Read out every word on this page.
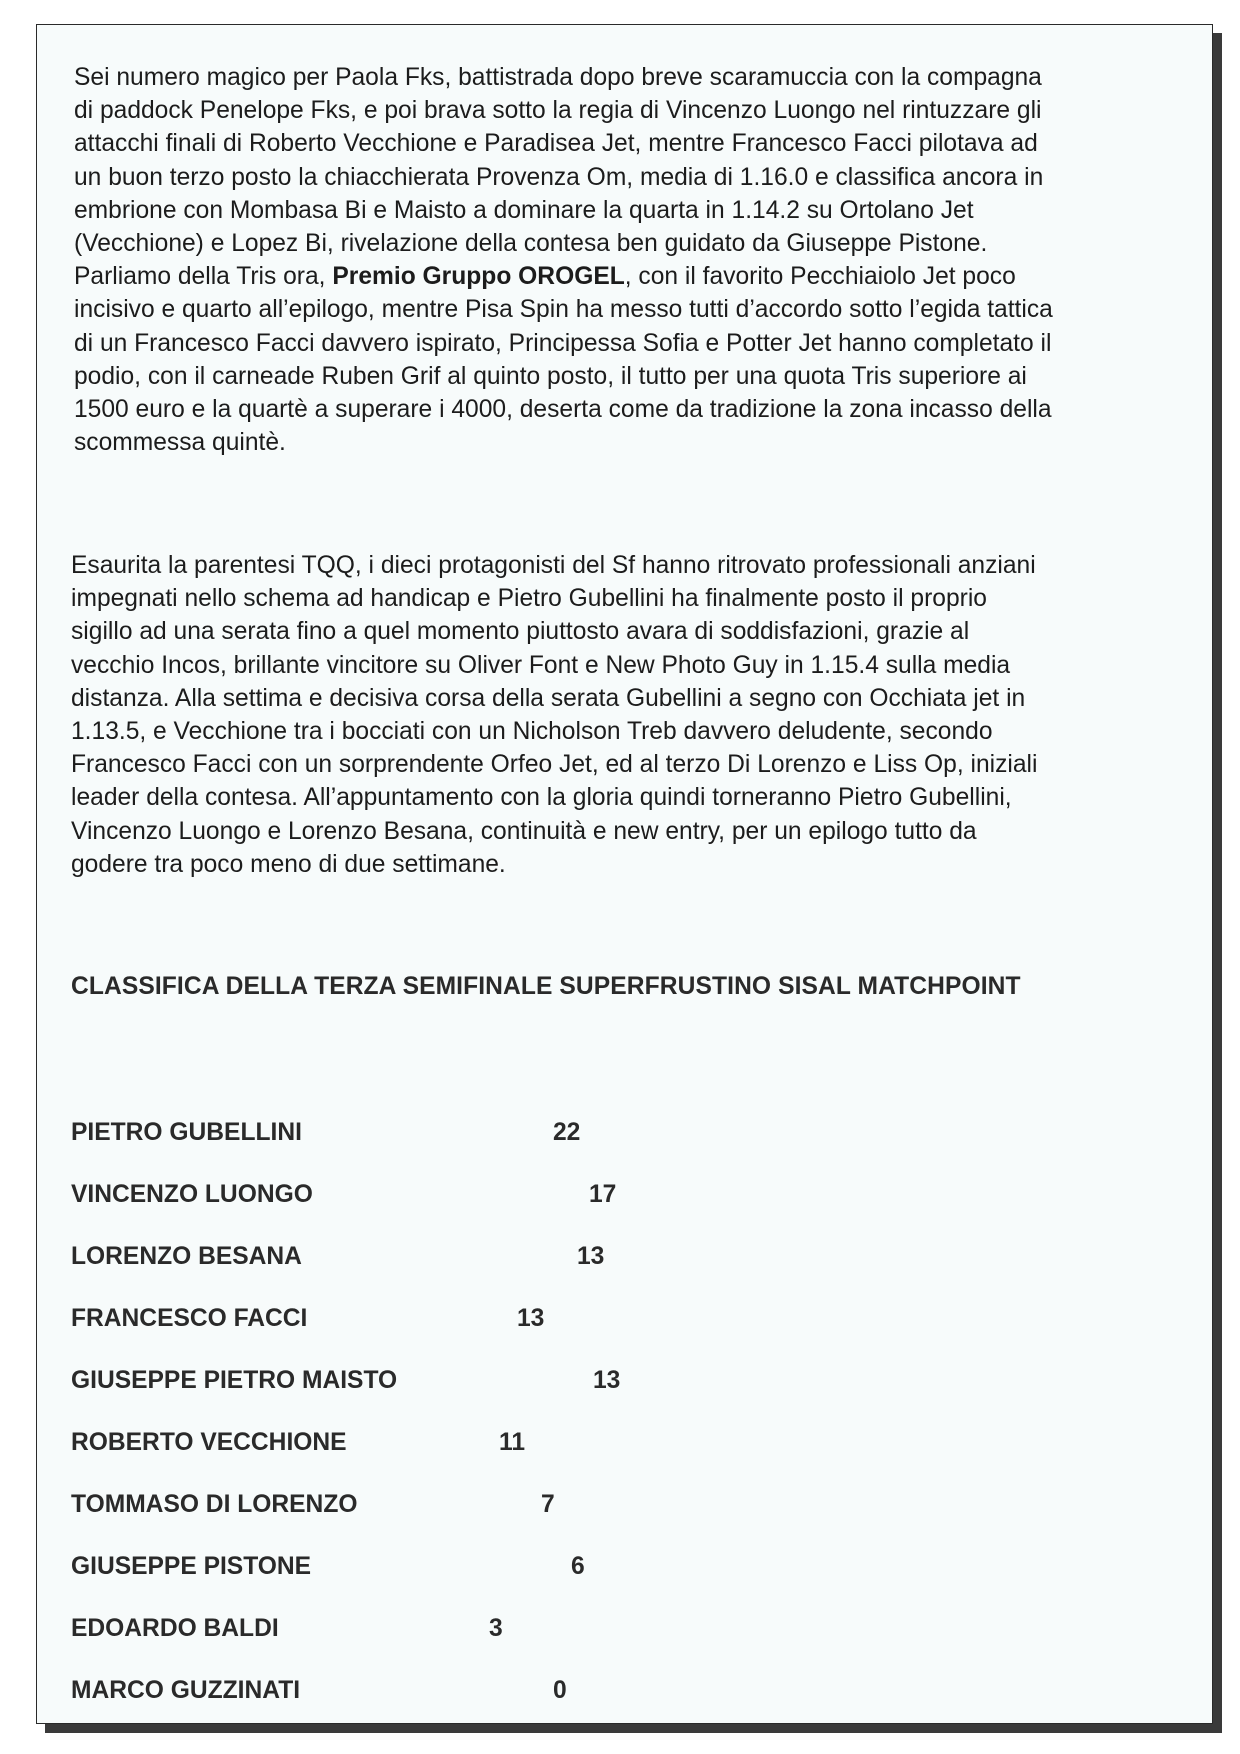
Sei numero magico per Paola Fks, battistrada dopo breve scaramuccia con la compagna
di paddock Penelope Fks, e poi brava sotto la regia di Vincenzo Luongo nel rintuzzare gli
attacchi finali di Roberto Vecchione e Paradisea Jet, mentre Francesco Facci pilotava ad
un buon terzo posto la chiacchierata Provenza Om, media di 1.16.0 e classifica ancora in
embrione con Mombasa Bi e Maisto a dominare la quarta in 1.14.2 su Ortolano Jet
(Vecchione) e Lopez Bi, rivelazione della contesa ben guidato da Giuseppe Pistone.
Parliamo della Tris ora, Premio Gruppo OROGEL, con il favorito Pecchiaiolo Jet poco
incisivo e quarto all’epilogo, mentre Pisa Spin ha messo tutti d’accordo sotto l’egida tattica
di un Francesco Facci davvero ispirato, Principessa Sofia e Potter Jet hanno completato il
podio, con il carneade Ruben Grif al quinto posto, il tutto per una quota Tris superiore ai
1500 euro e la quartè a superare i 4000, deserta come da tradizione la zona incasso della
scommessa quintè.

Esaurita la parentesi TQQ, i dieci protagonisti del Sf hanno ritrovato professionali anziani
impegnati nello schema ad handicap e Pietro Gubellini ha finalmente posto il proprio
sigillo ad una serata fino a quel momento piuttosto avara di soddisfazioni, grazie al
vecchio Incos, brillante vincitore su Oliver Font e New Photo Guy in 1.15.4 sulla media
distanza. Alla settima e decisiva corsa della serata Gubellini a segno con Occhiata jet in
1.13.5, e Vecchione tra i bocciati con un Nicholson Treb davvero deludente, secondo
Francesco Facci con un sorprendente Orfeo Jet, ed al terzo Di Lorenzo e Liss Op, iniziali
leader della contesa. All’appuntamento con la gloria quindi torneranno Pietro Gubellini,
Vincenzo Luongo e Lorenzo Besana, continuità e new entry, per un epilogo tutto da
godere tra poco meno di due settimane.

CLASSIFICA DELLA TERZA SEMIFINALE SUPERFRUSTINO SISAL MATCHPOINT
PIETRO GUBELLINI	22
VINCENZO LUONGO	17
LORENZO BESANA	13
FRANCESCO FACCI	13
GIUSEPPE PIETRO MAISTO	13
ROBERTO VECCHIONE	11
TOMMASO DI LORENZO	7
GIUSEPPE PISTONE	6
EDOARDO BALDI	3
MARCO GUZZINATI	0
